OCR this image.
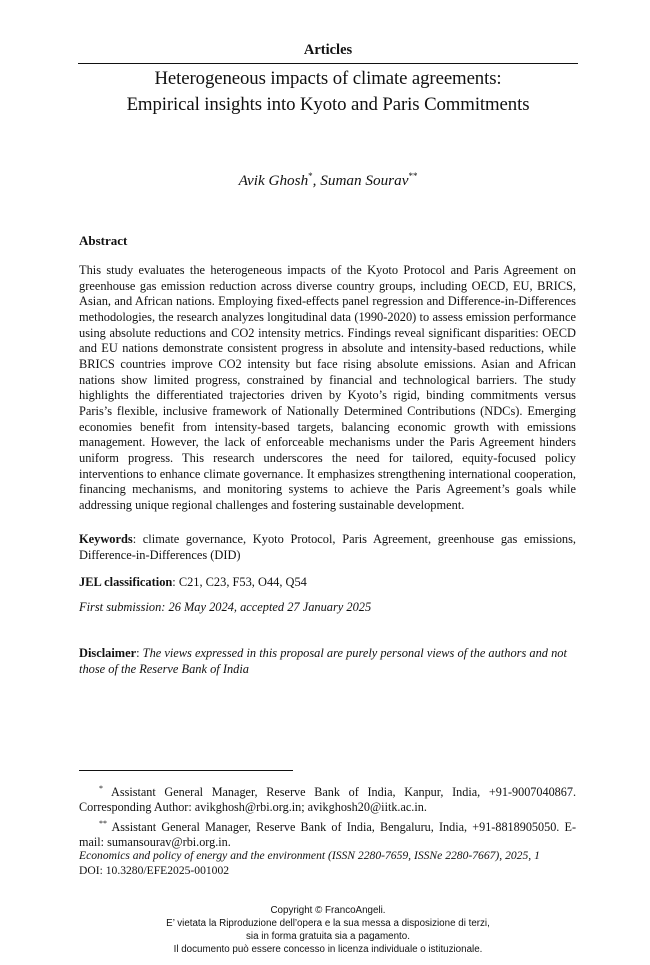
Articles
Heterogeneous impacts of climate agreements:
Empirical insights into Kyoto and Paris Commitments
Avik Ghosh*, Suman Sourav**
Abstract
This study evaluates the heterogeneous impacts of the Kyoto Protocol and Paris Agreement on greenhouse gas emission reduction across diverse country groups, including OECD, EU, BRICS, Asian, and African nations. Employing fixed-effects panel regression and Difference-in-Differences methodologies, the research analyzes longitudinal data (1990-2020) to assess emission performance using absolute reductions and CO2 intensity metrics. Findings reveal significant disparities: OECD and EU nations demonstrate consistent progress in absolute and intensity-based reductions, while BRICS countries improve CO2 intensity but face rising absolute emissions. Asian and African nations show limited progress, constrained by financial and technological barriers. The study highlights the differentiated trajectories driven by Kyoto’s rigid, binding commitments versus Paris’s flexible, inclusive framework of Nationally Determined Contributions (NDCs). Emerging economies benefit from intensity-based targets, balancing economic growth with emissions management. However, the lack of enforceable mechanisms under the Paris Agreement hinders uniform progress. This research underscores the need for tailored, equity-focused policy interventions to enhance climate governance. It emphasizes strengthening international cooperation, financing mechanisms, and monitoring systems to achieve the Paris Agreement’s goals while addressing unique regional challenges and fostering sustainable development.
Keywords: climate governance, Kyoto Protocol, Paris Agreement, greenhouse gas emissions, Difference-in-Differences (DID)
JEL classification: C21, C23, F53, O44, Q54
First submission: 26 May 2024, accepted 27 January 2025
Disclaimer: The views expressed in this proposal are purely personal views of the authors and not those of the Reserve Bank of India

* Assistant General Manager, Reserve Bank of India, Kanpur, India, +91-9007040867. Corresponding Author: avikghosh@rbi.org.in; avikghosh20@iitk.ac.in.

** Assistant General Manager, Reserve Bank of India, Bengaluru, India, +91-8818905050. E-mail: sumansourav@rbi.org.in.

Economics and policy of energy and the environment (ISSN 2280-7659, ISSNe 2280-7667), 2025, 1
DOI: 10.3280/EFE2025-001002
Copyright © FrancoAngeli.
E’ vietata la Riproduzione dell’opera e la sua messa a disposizione di terzi,
sia in forma gratuita sia a pagamento.
Il documento può essere concesso in licenza individuale o istituzionale.
